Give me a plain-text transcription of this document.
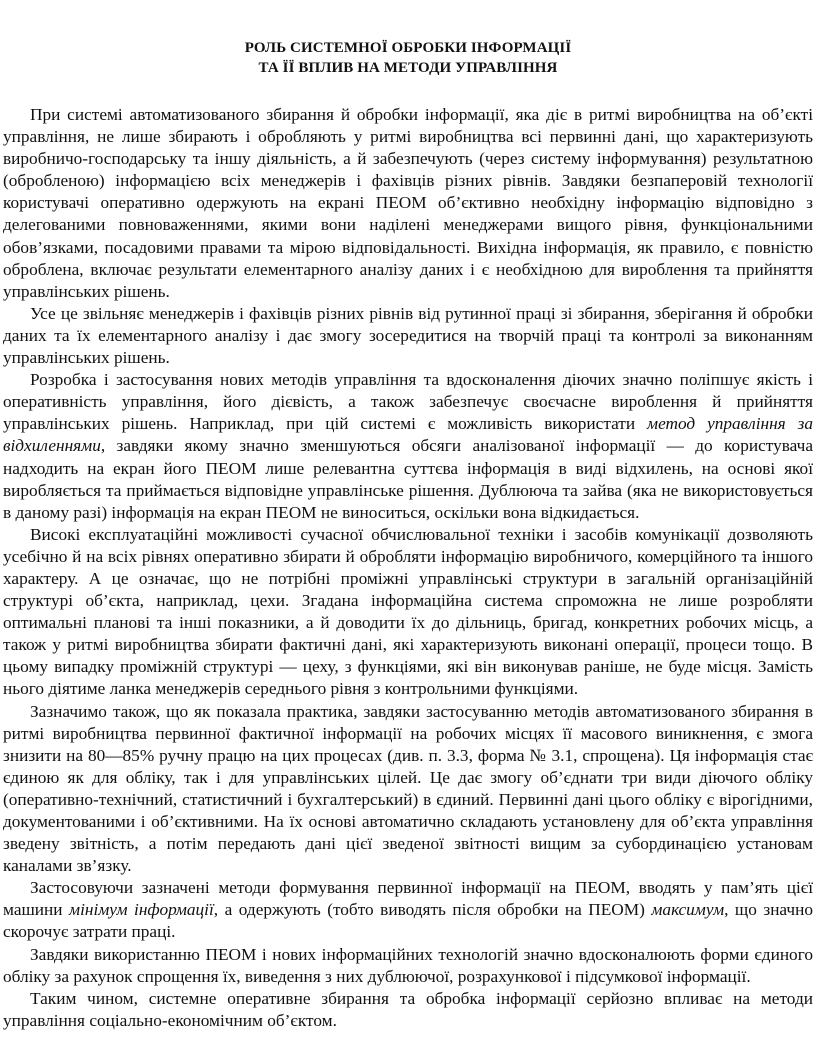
РОЛЬ СИСТЕМНОЇ ОБРОБКИ ІНФОРМАЦІЇ
ТА ЇЇ ВПЛИВ НА МЕТОДИ УПРАВЛІННЯ

При системі автоматизованого збирання й обробки інформації, яка діє в ритмі виробництва на об’єкті управління, не лише збирають і обробляють у ритмі виробництва всі первинні дані, що характеризують виробничо-господарську та іншу діяльність, а й забезпечують (через систему інформування) результатною (обробленою) інформацією всіх менеджерів і фахівців різних рівнів. Завдяки безпаперовій технології користувачі оперативно одержують на екрані ПЕОМ об’єктивно необхідну інформацію відповідно з делегованими повноваженнями, якими вони наділені менеджерами вищого рівня, функціональними обов’язками, посадовими правами та мірою відповідальності. Вихідна інформація, як правило, є повністю оброблена, включає результати елементарного аналізу даних і є необхідною для вироблення та прийняття управлінських рішень.

Усе це звільняє менеджерів і фахівців різних рівнів від рутинної праці зі збирання, зберігання й обробки даних та їх елементарного аналізу і дає змогу зосередитися на творчій праці та контролі за виконанням управлінських рішень.

Розробка і застосування нових методів управління та вдосконалення діючих значно поліпшує якість і оперативність управління, його дієвість, а також забезпечує своєчасне вироблення й прийняття управлінських рішень. Наприклад, при цій системі є можливість використати метод управління за відхиленнями, завдяки якому значно зменшуються обсяги аналізованої інформації — до користувача надходить на екран його ПЕОМ лише релевантна суттєва інформація в виді відхилень, на основі якої виробляється та приймається відповідне управлінське рішення. Дублююча та зайва (яка не використовується в даному разі) інформація на екран ПЕОМ не виноситься, оскільки вона відкидається.

Високі експлуатаційні можливості сучасної обчислювальної техніки і засобів комунікації дозволяють усебічно й на всіх рівнях оперативно збирати й обробляти інформацію виробничого, комерційного та іншого характеру. А це означає, що не потрібні проміжні управлінські структури в загальній організаційній структурі об’єкта, наприклад, цехи. Згадана інформаційна система спроможна не лише розробляти оптимальні планові та інші показники, а й доводити їх до дільниць, бригад, конкретних робочих місць, а також у ритмі виробництва збирати фактичні дані, які характеризують виконані операції, процеси тощо. В цьому випадку проміжній структурі — цеху, з функціями, які він виконував раніше, не буде місця. Замість нього діятиме ланка менеджерів середнього рівня з контрольними функціями.

Зазначимо також, що як показала практика, завдяки застосуванню методів автоматизованого збирання в ритмі виробництва первинної фактичної інформації на робочих місцях її масового виникнення, є змога знизити на 80—85% ручну працю на цих процесах (див. п. 3.3, форма № 3.1, спрощена). Ця інформація стає єдиною як для обліку, так і для управлінських цілей. Це дає змогу об’єднати три види діючого обліку (оперативно-технічний, статистичний і бухгалтерський) в єдиний. Первинні дані цього обліку є вірогідними, документованими і об’єктивними. На їх основі автоматично складають установлену для об’єкта управління зведену звітність, а потім передають дані цієї зведеної звітності вищим за субординацією установам каналами зв’язку.

Застосовуючи зазначені методи формування первинної інформації на ПЕОМ, вводять у пам’ять цієї машини мінімум інформації, а одержують (тобто виводять після обробки на ПЕОМ) максимум, що значно скорочує затрати праці.

Завдяки використанню ПЕОМ і нових інформаційних технологій значно вдосконалюють форми єдиного обліку за рахунок спрощення їх, виведення з них дублюючої, розрахункової і підсумкової інформації.

Таким чином, системне оперативне збирання та обробка інформації серйозно впливає на методи управління соціально-економічним об’єктом.
